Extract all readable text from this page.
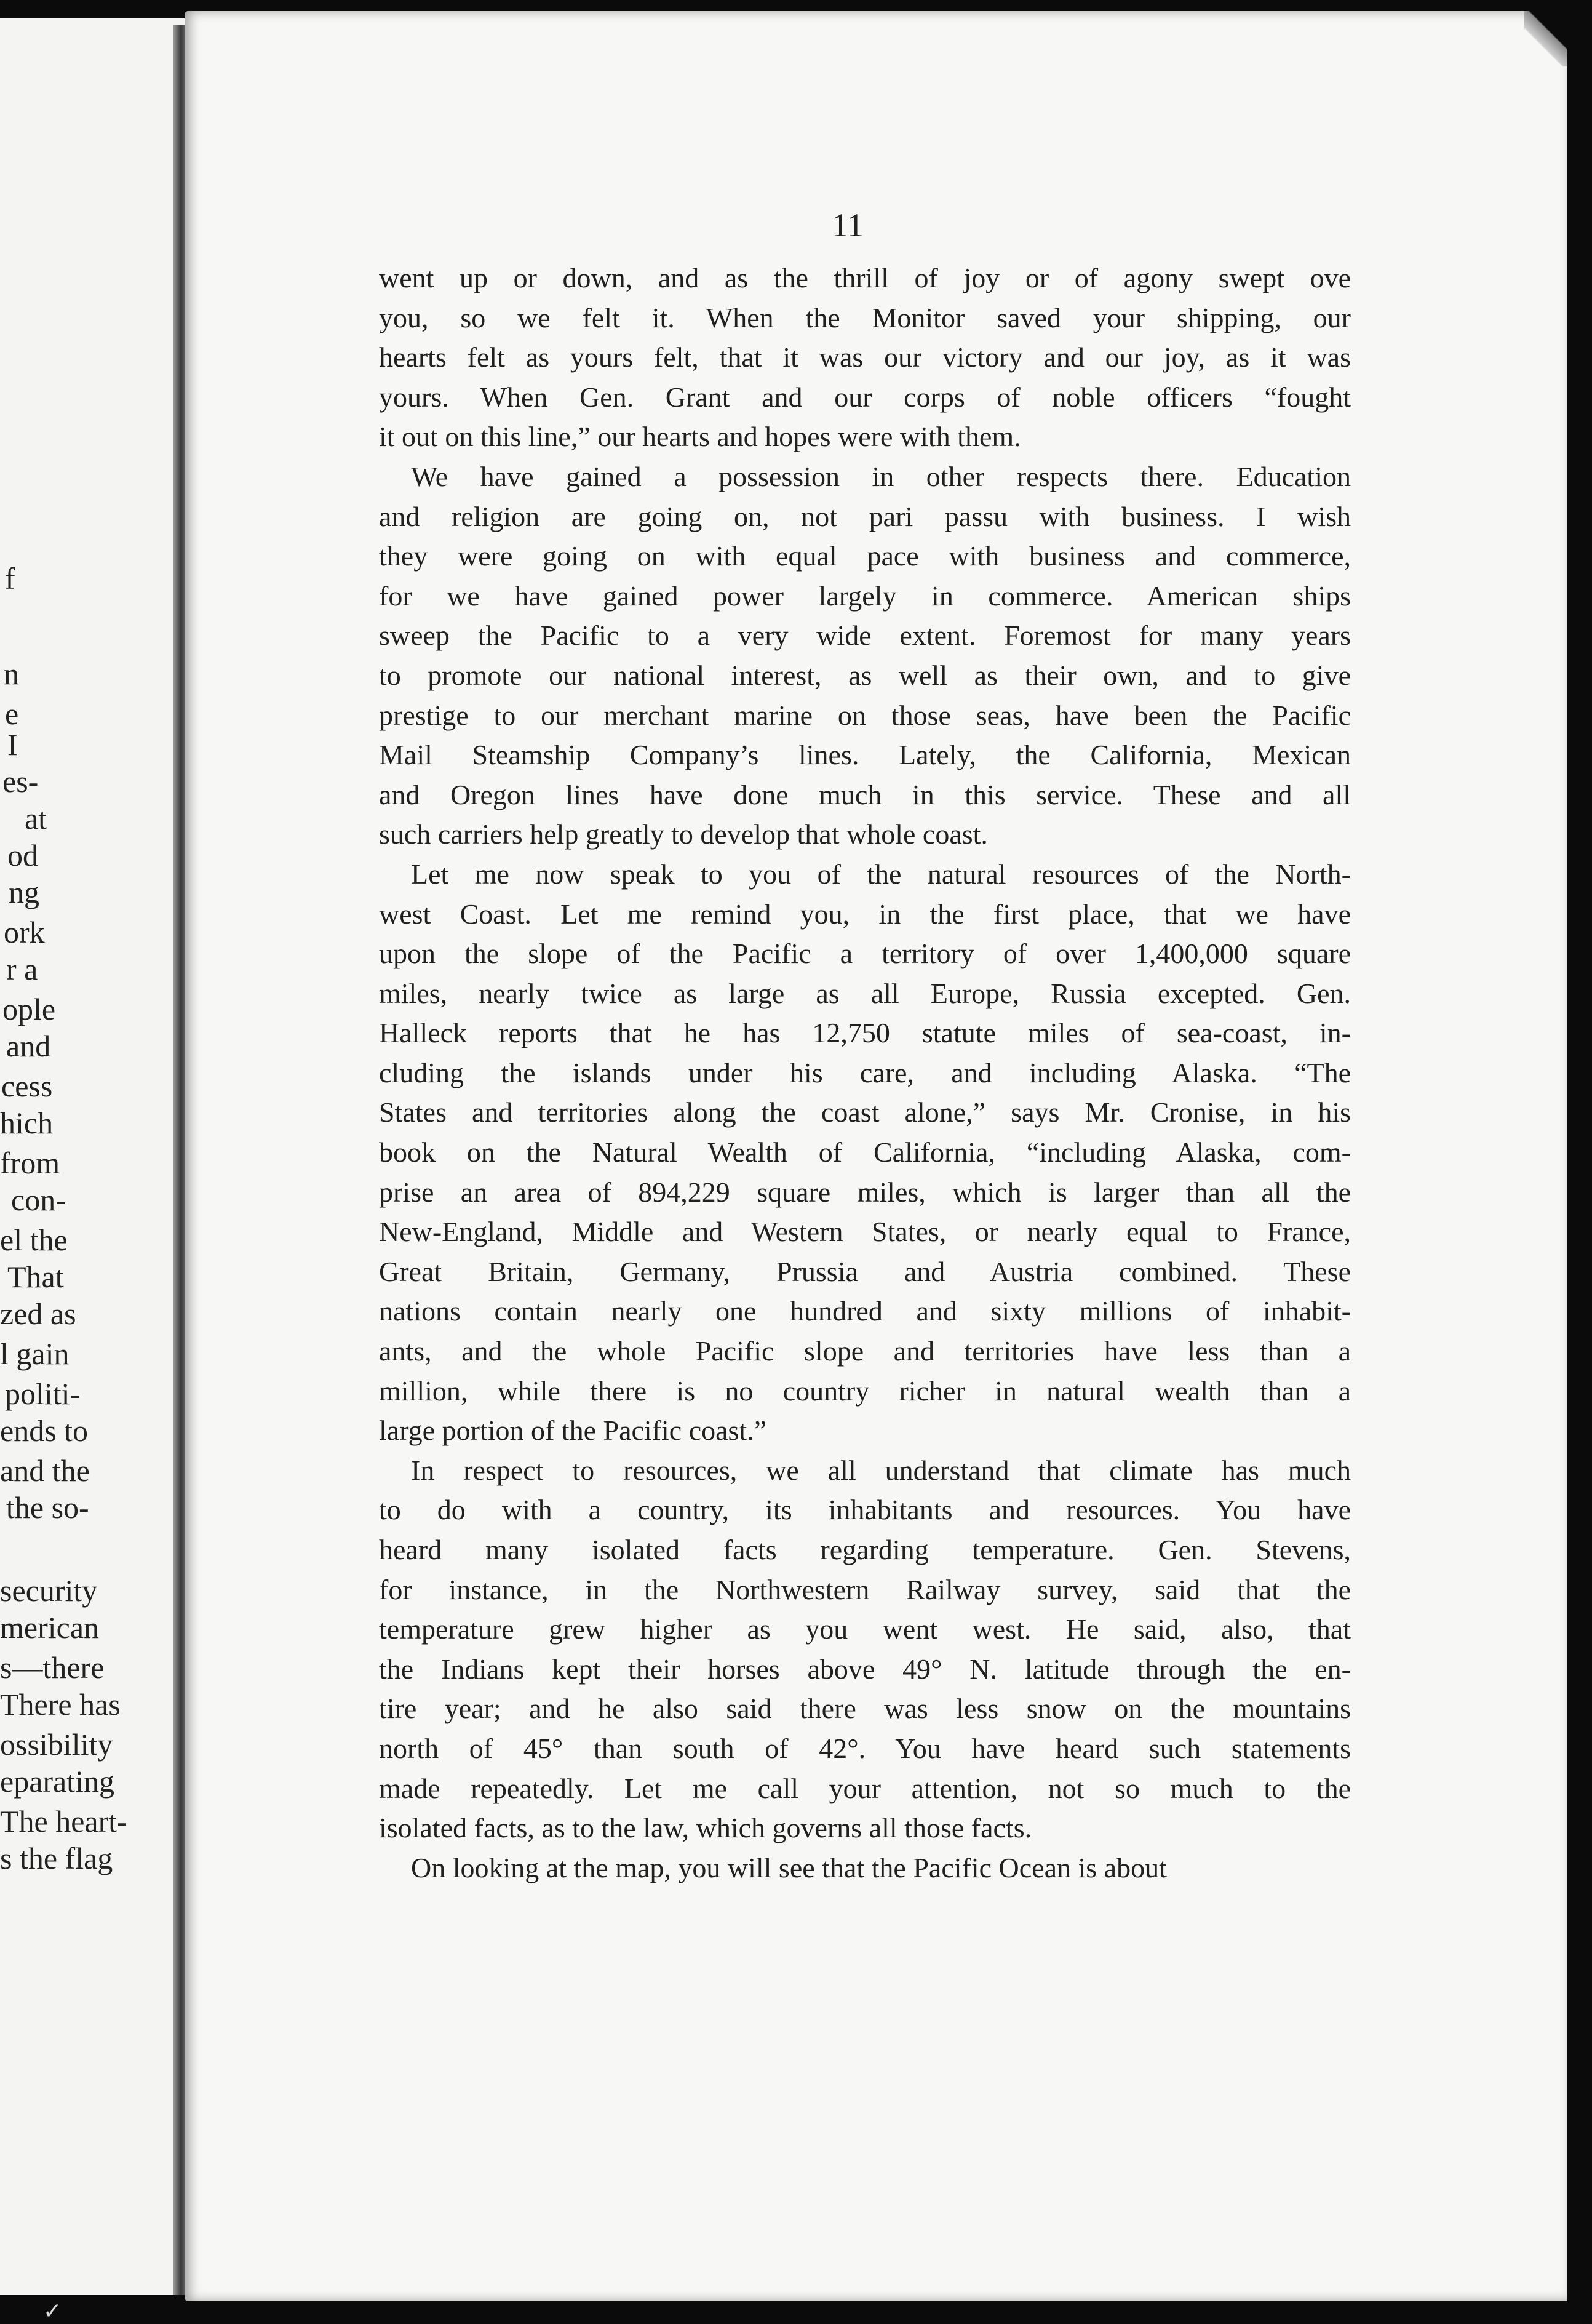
f
n
e
I
es-
at
od
ng
ork
r a
ople
and
cess
hich
from
con-
el the
That
zed as
l gain
politi-
ends to
and the
the so-
security
merican
s—there
There has
ossibility
eparating
The heart-
s the flag
11
went up or down, and as the thrill of joy or of agony swept ove
you, so we felt it. When the Monitor saved your shipping, our
hearts felt as yours felt, that it was our victory and our joy, as it was
yours. When Gen. Grant and our corps of noble officers “fought
it out on this line,” our hearts and hopes were with them.
We have gained a possession in other respects there. Education
and religion are going on, not pari passu with business. I wish
they were going on with equal pace with business and commerce,
for we have gained power largely in commerce. American ships
sweep the Pacific to a very wide extent. Foremost for many years
to promote our national interest, as well as their own, and to give
prestige to our merchant marine on those seas, have been the Pacific
Mail Steamship Company’s lines. Lately, the California, Mexican
and Oregon lines have done much in this service. These and all
such carriers help greatly to develop that whole coast.
Let me now speak to you of the natural resources of the North-
west Coast. Let me remind you, in the first place, that we have
upon the slope of the Pacific a territory of over 1,400,000 square
miles, nearly twice as large as all Europe, Russia excepted. Gen.
Halleck reports that he has 12,750 statute miles of sea-coast, in-
cluding the islands under his care, and including Alaska. “The
States and territories along the coast alone,” says Mr. Cronise, in his
book on the Natural Wealth of California, “including Alaska, com-
prise an area of 894,229 square miles, which is larger than all the
New-England, Middle and Western States, or nearly equal to France,
Great Britain, Germany, Prussia and Austria combined. These
nations contain nearly one hundred and sixty millions of inhabit-
ants, and the whole Pacific slope and territories have less than a
million, while there is no country richer in natural wealth than a
large portion of the Pacific coast.”
In respect to resources, we all understand that climate has much
to do with a country, its inhabitants and resources. You have
heard many isolated facts regarding temperature. Gen. Stevens,
for instance, in the Northwestern Railway survey, said that the
temperature grew higher as you went west. He said, also, that
the Indians kept their horses above 49° N. latitude through the en-
tire year; and he also said there was less snow on the mountains
north of 45° than south of 42°. You have heard such statements
made repeatedly. Let me call your attention, not so much to the
isolated facts, as to the law, which governs all those facts.
On looking at the map, you will see that the Pacific Ocean is about
✓
